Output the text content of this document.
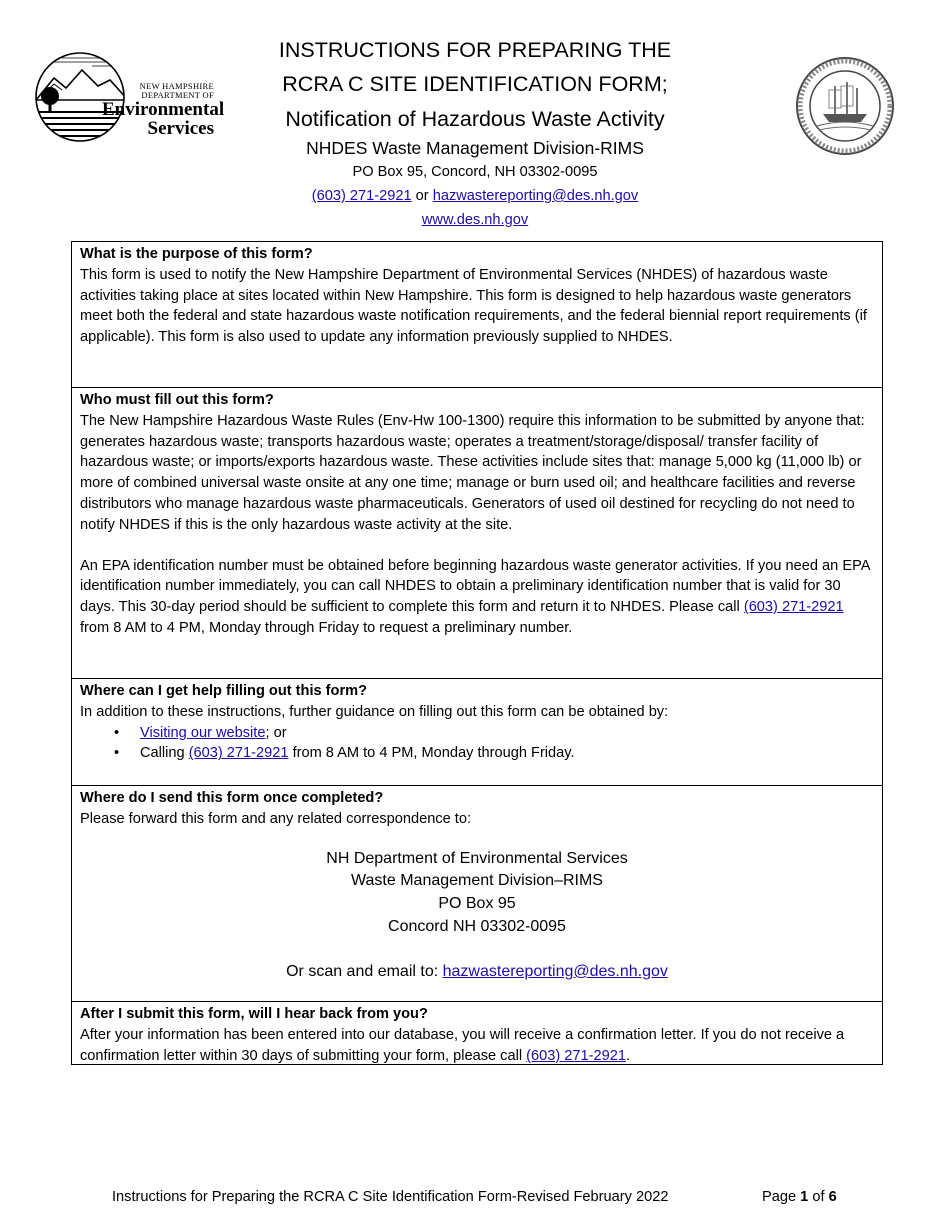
NEW HAMPSHIRE
DEPARTMENT OF
Environmental
Services
INSTRUCTIONS FOR PREPARING THE
RCRA C SITE IDENTIFICATION FORM;
Notification of Hazardous Waste Activity
NHDES Waste Management Division-RIMS
PO Box 95, Concord, NH 03302-0095
(603) 271-2921 or hazwastereporting@des.nh.gov
www.des.nh.gov
What is the purpose of this form?

This form is used to notify the New Hampshire Department of Environmental Services (NHDES) of hazardous waste activities taking place at sites located within New Hampshire. This form is designed to help hazardous waste generators meet both the federal and state hazardous waste notification requirements, and the federal biennial report requirements (if applicable). This form is also used to update any information previously supplied to NHDES.

Who must fill out this form?

The New Hampshire Hazardous Waste Rules (Env-Hw 100-1300) require this information to be submitted by anyone that: generates hazardous waste; transports hazardous waste; operates a treatment/storage/disposal/ transfer facility of hazardous waste; or imports/exports hazardous waste. These activities include sites that: manage 5,000 kg (11,000 lb) or more of combined universal waste onsite at any one time; manage or burn used oil; and healthcare facilities and reverse distributors who manage hazardous waste pharmaceuticals. Generators of used oil destined for recycling do not need to notify NHDES if this is the only hazardous waste activity at the site.

An EPA identification number must be obtained before beginning hazardous waste generator activities. If you need an EPA identification number immediately, you can call NHDES to obtain a preliminary identification number that is valid for 30 days. This 30-day period should be sufficient to complete this form and return it to NHDES. Please call (603) 271-2921 from 8 AM to 4 PM, Monday through Friday to request a preliminary number.

Where can I get help filling out this form?

In addition to these instructions, further guidance on filling out this form can be obtained by:

• Visiting our website; or
• Calling (603) 271-2921 from 8 AM to 4 PM, Monday through Friday.
Where do I send this form once completed?

Please forward this form and any related correspondence to:

NH Department of Environmental Services
Waste Management Division–RIMS
PO Box 95
Concord NH 03302-0095
Or scan and email to: hazwastereporting@des.nh.gov
After I submit this form, will I hear back from you?

After your information has been entered into our database, you will receive a confirmation letter. If you do not receive a confirmation letter within 30 days of submitting your form, please call (603) 271-2921.

Instructions for Preparing the RCRA C Site Identification Form-Revised February 2022	Page 1 of 6
